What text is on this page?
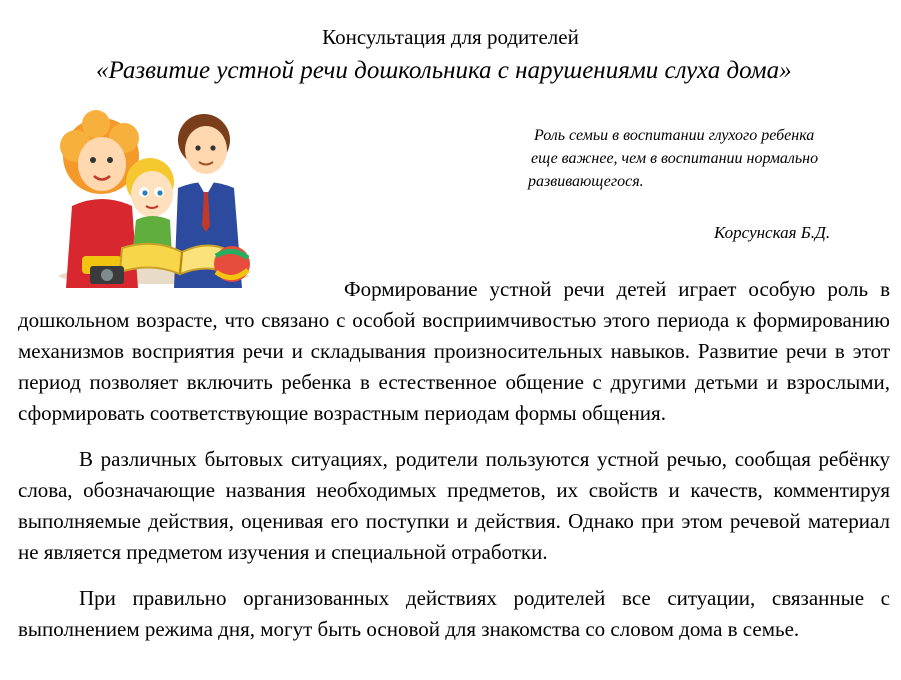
Консультация для родителей
«Развитие устной речи дошкольника с нарушениями слуха дома»
Роль семьи в воспитании глухого ребенка
еще важнее, чем в воспитании нормально
развивающегося.
Корсунская Б.Д.

Формирование устной речи детей играет особую роль в дошкольном возрасте, что связано с особой восприимчивостью этого периода к формированию механизмов восприятия речи и складывания произносительных навыков. Развитие речи в этот период позволяет включить ребенка в естественное общение с другими детьми и взрослыми, сформировать соответствующие возрастным периодам формы общения.

В различных бытовых ситуациях, родители пользуются устной речью, сообщая ребёнку слова, обозначающие названия необходимых предметов, их свойств и качеств, комментируя выполняемые действия, оценивая его поступки и действия. Однако при этом речевой материал не является предметом изучения и специальной отработки.

При правильно организованных действиях родителей все ситуации, связанные с выполнением режима дня, могут быть основой для знакомства со словом дома в семье.
